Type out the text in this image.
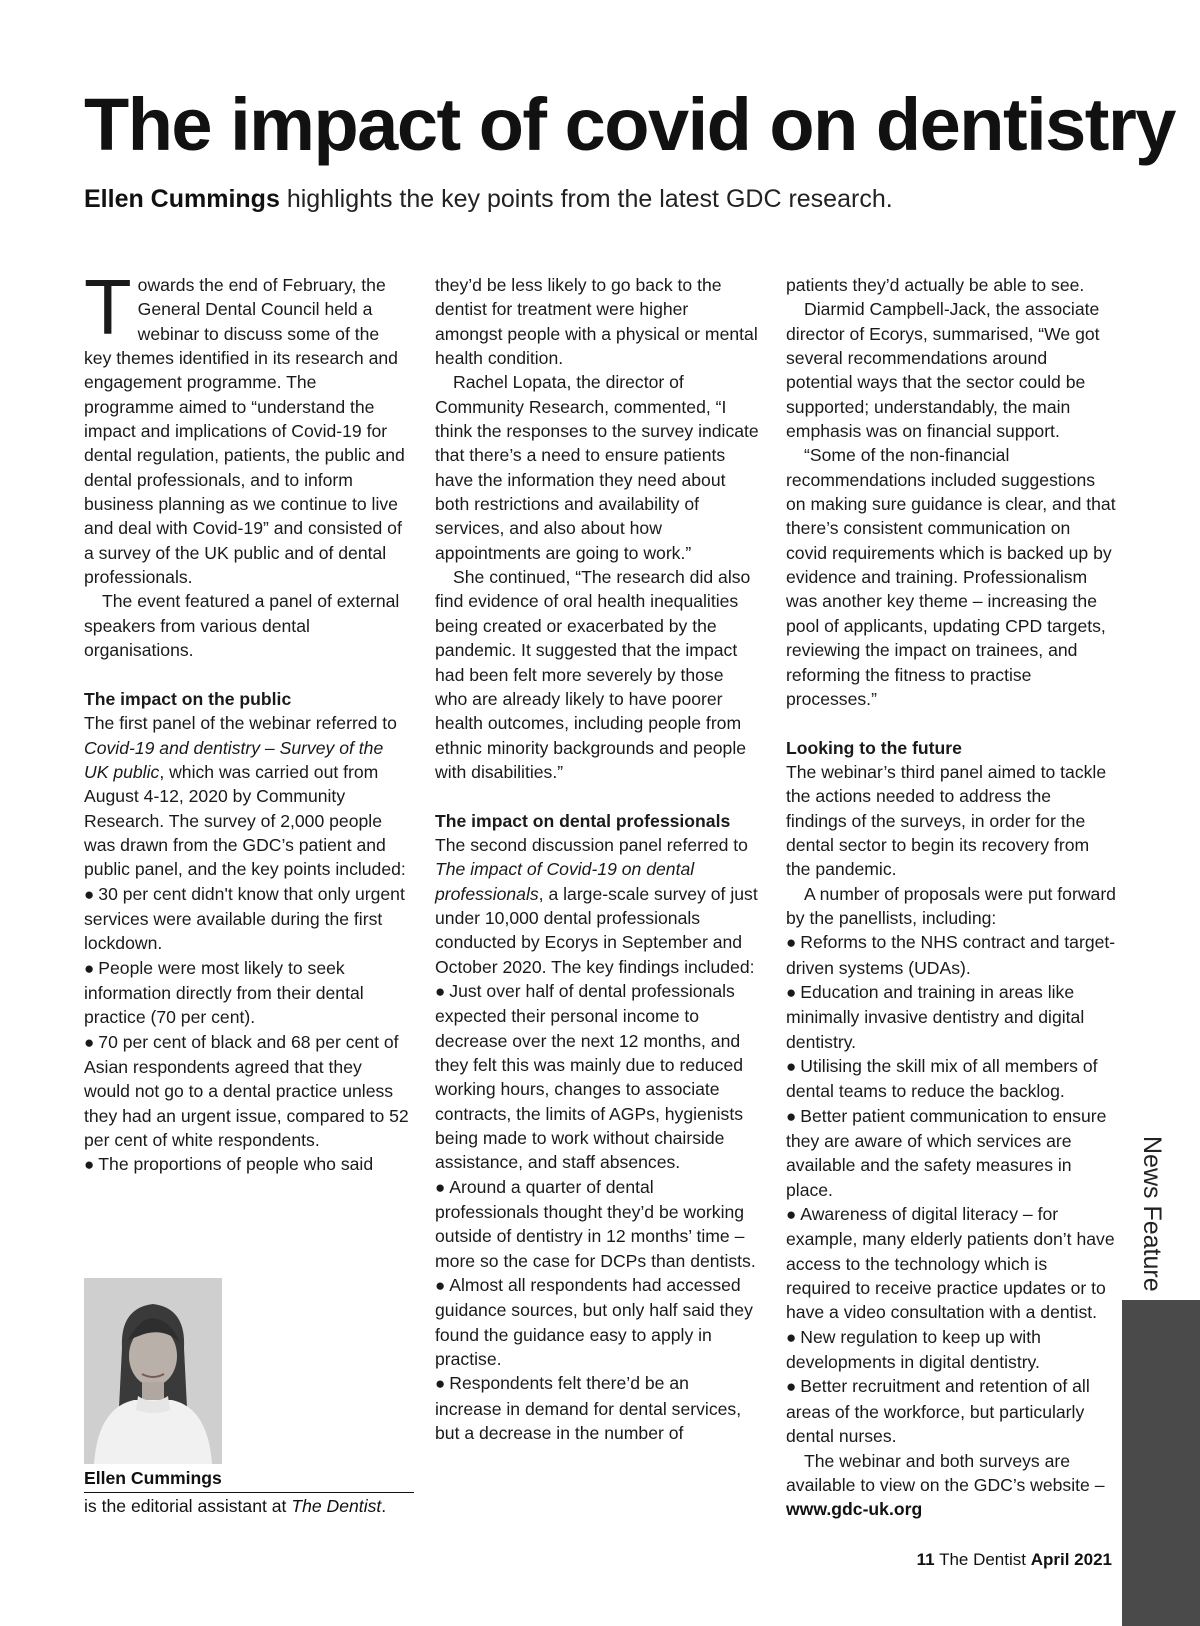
The impact of covid on dentistry

Ellen Cummings highlights the key points from the latest GDC research.

Towards the end of February, the General Dental Council held a webinar to discuss some of the key themes identified in its research and engagement programme. The programme aimed to “understand the impact and implications of Covid-19 for dental regulation, patients, the public and dental professionals, and to inform business planning as we continue to live and deal with Covid-19” and consisted of a survey of the UK public and of dental professionals.

The event featured a panel of external speakers from various dental organisations.

The impact on the public

The first panel of the webinar referred to Covid-19 and dentistry – Survey of the UK public, which was carried out from August 4-12, 2020 by Community Research. The survey of 2,000 people was drawn from the GDC’s patient and public panel, and the key points included:

● 30 per cent didn't know that only urgent services were available during the first lockdown.

● People were most likely to seek information directly from their dental practice (70 per cent).

● 70 per cent of black and 68 per cent of Asian respondents agreed that they would not go to a dental practice unless they had an urgent issue, compared to 52 per cent of white respondents.

● The proportions of people who said

Ellen Cummings

is the editorial assistant at The Dentist.

they’d be less likely to go back to the dentist for treatment were higher amongst people with a physical or mental health condition.

Rachel Lopata, the director of Community Research, commented, “I think the responses to the survey indicate that there’s a need to ensure patients have the information they need about both restrictions and availability of services, and also about how appointments are going to work.”

She continued, “The research did also find evidence of oral health inequalities being created or exacerbated by the pandemic. It suggested that the impact had been felt more severely by those who are already likely to have poorer health outcomes, including people from ethnic minority backgrounds and people with disabilities.”

The impact on dental professionals

The second discussion panel referred to The impact of Covid-19 on dental professionals, a large-scale survey of just under 10,000 dental professionals conducted by Ecorys in September and October 2020. The key findings included:

● Just over half of dental professionals expected their personal income to decrease over the next 12 months, and they felt this was mainly due to reduced working hours, changes to associate contracts, the limits of AGPs, hygienists being made to work without chairside assistance, and staff absences.

● Around a quarter of dental professionals thought they’d be working outside of dentistry in 12 months’ time – more so the case for DCPs than dentists.

● Almost all respondents had accessed guidance sources, but only half said they found the guidance easy to apply in practise.

● Respondents felt there’d be an increase in demand for dental services, but a decrease in the number of

patients they’d actually be able to see.

Diarmid Campbell-Jack, the associate director of Ecorys, summarised, “We got several recommendations around potential ways that the sector could be supported; understandably, the main emphasis was on financial support.

“Some of the non-financial recommendations included suggestions on making sure guidance is clear, and that there’s consistent communication on covid requirements which is backed up by evidence and training. Professionalism was another key theme – increasing the pool of applicants, updating CPD targets, reviewing the impact on trainees, and reforming the fitness to practise processes.”

Looking to the future

The webinar’s third panel aimed to tackle the actions needed to address the findings of the surveys, in order for the dental sector to begin its recovery from the pandemic.

A number of proposals were put forward by the panellists, including:

● Reforms to the NHS contract and target-driven systems (UDAs).

● Education and training in areas like minimally invasive dentistry and digital dentistry.

● Utilising the skill mix of all members of dental teams to reduce the backlog.

● Better patient communication to ensure they are aware of which services are available and the safety measures in place.

● Awareness of digital literacy – for example, many elderly patients don’t have access to the technology which is required to receive practice updates or to have a video consultation with a dentist.

● New regulation to keep up with developments in digital dentistry.

● Better recruitment and retention of all areas of the workforce, but particularly dental nurses.

The webinar and both surveys are available to view on the GDC’s website – www.gdc-uk.org

News Feature
11 The Dentist April 2021
